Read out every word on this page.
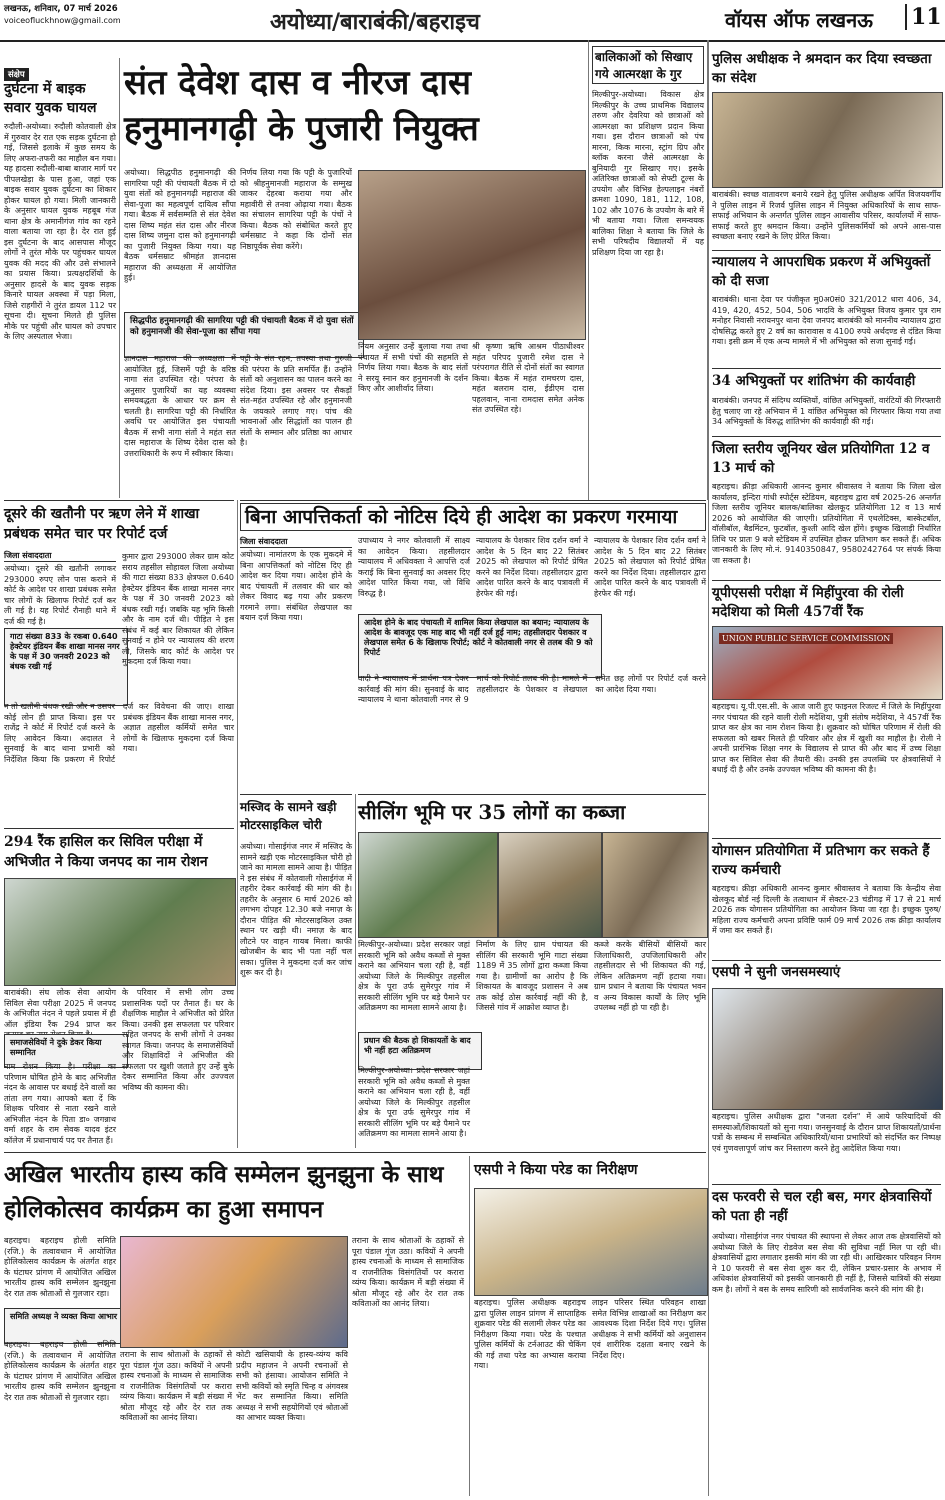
लखनऊ, शनिवार, 07 मार्च 2026
voiceofluckhnow@gmail.com	अयोध्या/बाराबंकी/बहराइच	वॉयस ऑफ लखनऊ 11
संक्षेप
दुर्घटना में बाइक सवार युवक घायल
रुदौली-अयोध्या। रुदौली कोतवाली क्षेत्र में गुरुवार देर रात एक सड़क दुर्घटना हो गई, जिससे इलाके में कुछ समय के लिए अफरा-तफरी का माहौल बन गया। यह हादसा रुदौली-बाबा बाजार मार्ग पर पीपलखेड़ा के पास हुआ, जहां एक बाइक सवार युवक दुर्घटना का शिकार होकर घायल हो गया। मिली जानकारी के अनुसार घायल युवक महबूब गंज थाना क्षेत्र के अमानीगंज गांव का रहने वाला बताया जा रहा है। देर रात हुई इस दुर्घटना के बाद आसपास मौजूद लोगों ने तुरंत मौके पर पहुंचकर घायल युवक की मदद की और उसे संभालने का प्रयास किया। प्रत्यक्षदर्शियों के अनुसार हादसे के बाद युवक सड़क किनारे घायल अवस्था में पड़ा मिला, जिसे राहगीरों ने तुरंत डायल 112 पर सूचना दी। सूचना मिलते ही पुलिस मौके पर पहुंची और घायल को उपचार के लिए अस्पताल भेजा।
संत देवेश दास व नीरज दास हनुमानगढ़ी के पुजारी नियुक्त
अयोध्या। सिद्धपीठ हनुमानगढ़ी की सागरिया पट्टी की पंचायती बैठक में दो युवा संतों को हनुमानगढ़ी महाराज की सेवा-पूजा का महत्वपूर्ण दायित्व सौंपा गया। बैठक में सर्वसम्मति से संत देवेश दास शिष्य महंत संत दास और नीरज दास शिष्य जमुना दास को हनुमानगढ़ी का पुजारी नियुक्त किया गया। यह बैठक धर्मसम्राट श्रीमहंत ज्ञानदास महाराज की अध्यक्षता में आयोजित हुई।
निर्णय लिया गया कि पट्टी के पुजारियों को श्रीहनुमानजी महाराज के सम्मुख जाकर देहरबा कराया गया और महावीरी से तनवा ओढ़ाया गया। बैठक का संचालन सागरिया पट्टी के पंचों ने किया। बैठक को संबोधित करते हुए धर्मसम्राट ने कहा कि दोनों संत निष्ठापूर्वक सेवा करेंगे।
सिद्धपीठ हनुमानगढ़ी की सागरिया पट्टी की पंचायती बैठक में दो युवा संतों को हनुमानजी की सेवा-पूजा का सौंपा गया
ज्ञानदास महाराज की अध्यक्षता में आयोजित हुई, जिसमें पट्टी के वरिष्ठ नागा संत उपस्थित रहे। परंपरा के अनुसार पुजारियों का यह व्यवस्था समयबद्धता के आधार पर क्रम से चलती है। सागरिया पट्टी की निर्धारित अवधि पर आयोजित इस पंचायती बैठक में सभी नागा संतों ने महंत सत दास महाराज के शिष्य देवेश दास को उत्तराधिकारी के रूप में स्वीकार किया।
पट्टी के संत रहन, तपस्या तथा गुरुजी की परंपरा के प्रति समर्पित हैं। उन्होंने संतों को अनुशासन का पालन करने का संदेश दिया। इस अवसर पर सैकड़ों संत-महंत उपस्थित रहे और हनुमानजी के जयकारे लगाए गए। पांच की भावनाओं और सिद्धांतों का पालन ही संतों के सम्मान और प्रतिष्ठा का आधार है।
नियम अनुसार उन्हें बुलाया गया तथा पंचायत में सभी पंचों की सहमति से निर्णय लिया गया। बैठक के बाद संतों ने सरयू स्नान कर हनुमानजी के दर्शन किए और आशीर्वाद लिया।
श्री कृष्णा ऋषि आश्रम पीठाधीश्वर महंत परिपद पुजारी रमेश दास ने परंपरागत रीति से दोनों संतों का स्वागत किया। बैठक में महंत रामचरण दास, महंत बलराम दास, ईडीएम दास पहलवान, नाना रामदास समेत अनेक संत उपस्थित रहे।
बालिकाओं को सिखाए गये आत्मरक्षा के गुर
मिल्कीपुर-अयोध्या। विकास क्षेत्र मिल्कीपुर के उच्च प्राथमिक विद्यालय तरुण और देवरिया को छात्राओं को आत्मरक्षा का प्रशिक्षण प्रदान किया गया। इस दौरान छात्राओं को पंच मारना, किक मारना, स्ट्रांग ग्रिप और ब्लॉक करना जैसे आत्मरक्षा के बुनियादी गुर सिखाए गए। इसके अतिरिक्त छात्राओं को सेफ्टी टूल्स के उपयोग और विभिन्न हेल्पलाइन नंबरों क्रमशः 1090, 181, 112, 108, 102 और 1076 के उपयोग के बारे में भी बताया गया। जिला समन्वयक बालिका शिक्षा ने बताया कि जिले के सभी परिषदीय विद्यालयों में यह प्रशिक्षण दिया जा रहा है।
पुलिस अधीक्षक ने श्रमदान कर दिया स्वच्छता का संदेश
बाराबंकी। स्वच्छ वातावरण बनाये रखने हेतु पुलिस अधीक्षक अर्पित विजयवर्गीय ने पुलिस लाइन में रिजर्व पुलिस लाइन में नियुक्त अधिकारियों के साथ साफ-सफाई अभियान के अन्तर्गत पुलिस लाइन आवासीय परिसर, कार्यालयों में साफ-सफाई करते हुए श्रमदान किया। उन्होंने पुलिसकर्मियों को अपने आस-पास स्वच्छता बनाए रखने के लिए प्रेरित किया।
न्यायालय ने आपराधिक प्रकरण में अभियुक्तों को दी सजा
बाराबंकी। थाना देवा पर पंजीकृत मु0अ0सं0 321/2012 धारा 406, 34, 419, 420, 452, 504, 506 भादवि के अभियुक्त विजय कुमार पुत्र राम मनोहर निवासी नरायनपुर थाना देवा जनपद बाराबंकी को माननीय न्यायालय द्वारा दोषसिद्ध करते हुए 2 वर्ष का कारावास व 4100 रुपये अर्थदण्ड से दंडित किया गया। इसी क्रम में एक अन्य मामले में भी अभियुक्त को सजा सुनाई गई।
34 अभियुक्तों पर शांतिभंग की कार्यवाही
बाराबंकी। जनपद में संदिग्ध व्यक्तियों, वांछित अभियुक्तों, वारंटियों की गिरफ्तारी हेतु चलाए जा रहे अभियान में 1 वांछित अभियुक्त को गिरफ्तार किया गया तथा 34 अभियुक्तों के विरुद्ध शांतिभंग की कार्यवाही की गई।
जिला स्तरीय जूनियर खेल प्रतियोगिता 12 व 13 मार्च को
बहराइच। क्रीड़ा अधिकारी आनन्द कुमार श्रीवास्तव ने बताया कि जिला खेल कार्यालय, इन्दिरा गांधी स्पोर्ट्स स्टेडियम, बहराइच द्वारा वर्ष 2025-26 अन्तर्गत जिला स्तरीय जूनियर बालक/बालिका खेलकूद प्रतियोगिता 12 व 13 मार्च 2026 को आयोजित की जाएगी। प्रतियोगिता में एथलेटिक्स, बास्केटबॉल, वॉलीबॉल, बैडमिंटन, फुटबॉल, कुश्ती आदि खेल होंगे। इच्छुक खिलाड़ी निर्धारित तिथि पर प्रातः 9 बजे स्टेडियम में उपस्थित होकर प्रतिभाग कर सकते हैं। अधिक जानकारी के लिए मो.नं. 9140350847, 9580242764 पर संपर्क किया जा सकता है।
यूपीएससी परीक्षा में मिहींपुरवा की रोली मदेशिया को मिली 457वीं रैंक
UNION PUBLIC SERVICE COMMISSION
बहराइच। यू.पी.एस.सी. के आज जारी हुए फाइनल रिजल्ट में जिले के मिहींपुरवा नगर पंचायत की रहने वाली रोली मदेशिया, पुत्री संतोष मदेशिया, ने 457वीं रैंक प्राप्त कर क्षेत्र का नाम रोशन किया है। शुक्रवार को घोषित परिणाम में रोली की सफलता को खबर मिलते ही परिवार और क्षेत्र में खुशी का माहौल है। रोली ने अपनी प्रारंभिक शिक्षा नगर के विद्यालय से प्राप्त की और बाद में उच्च शिक्षा प्राप्त कर सिविल सेवा की तैयारी की। उनकी इस उपलब्धि पर क्षेत्रवासियों ने बधाई दी है और उनके उज्ज्वल भविष्य की कामना की है।
योगासन प्रतियोगिता में प्रतिभाग कर सकते हैं राज्य कर्मचारी
बहराइच। क्रीड़ा अधिकारी आनन्द कुमार श्रीवास्तव ने बताया कि केन्द्रीय सेवा खेलकूद बोर्ड नई दिल्ली के तत्वाधान में सेक्टर-23 चंडीगढ़ में 17 से 21 मार्च 2026 तक योगासन प्रतियोगिता का आयोजन किया जा रहा है। इच्छुक पुरुष/महिला राज्य कर्मचारी अपना प्रविष्टि फार्म 09 मार्च 2026 तक क्रीड़ा कार्यालय में जमा कर सकते हैं।
एसपी ने सुनी जनसमस्याएं
बहराइच। पुलिस अधीक्षक द्वारा "जनता दर्शन" में आये फरियादियों की समस्याओं/शिकायतों को सुना गया। जनसुनवाई के दौरान प्राप्त शिकायतों/प्रार्थना पत्रों के सम्बन्ध में सम्बन्धित अधिकारियों/थाना प्रभारियों को संदर्भित कर निष्पक्ष एवं गुणवत्तापूर्ण जांच कर निस्तारण करने हेतु आदेशित किया गया।
दस फरवरी से चल रही बस, मगर क्षेत्रवासियों को पता ही नहीं
अयोध्या। गोसाईगंज नगर पंचायत की स्थापना से लेकर आज तक क्षेत्रवासियों को अयोध्या जिले के लिए रोडवेज बस सेवा की सुविधा नहीं मिल पा रही थी। क्षेत्रवासियों द्वारा लगातार इसकी मांग की जा रही थी। आखिरकार परिवहन निगम ने 10 फरवरी से बस सेवा शुरू कर दी, लेकिन प्रचार-प्रसार के अभाव में अधिकांश क्षेत्रवासियों को इसकी जानकारी ही नहीं है, जिससे यात्रियों की संख्या कम है। लोगों ने बस के समय सारिणी को सार्वजनिक करने की मांग की है।
दूसरे की खतौनी पर ऋण लेने में शाखा प्रबंधक समेत चार पर रिपोर्ट दर्ज
जिला संवाददाता
अयोध्या। दूसरे की खतौनी लगाकर 293000 रुपए लोन पास कराने में कोर्ट के आदेश पर शाखा प्रबंधक समेत चार लोगों के खिलाफ रिपोर्ट दर्ज कर ली गई है। यह रिपोर्ट रौनाही थाने में दर्ज की गई है।
गाटा संख्या 833 के रकबा 0.640 हेक्टेयर इंडियन बैंक शाखा मानस नगर के पक्ष में 30 जनवरी 2023 को बंधक रखी गई
कुमार द्वारा 293000 लेकर ग्राम कोट सराय तहसील सोहावल जिला अयोध्या की गाटा संख्या 833 क्षेत्रफल 0.640 हेक्टेयर इंडियन बैंक शाखा मानस नगर के पक्ष में 30 जनवरी 2023 को बंधक रखी गई। जबकि यह भूमि किसी और के नाम दर्ज थी। पीड़ित ने इस संबंध में कई बार शिकायत की लेकिन सुनवाई न होने पर न्यायालय की शरण ली, जिसके बाद कोर्ट के आदेश पर मुकदमा दर्ज किया गया।
न तो खतौनी बंधक रखी और न उसपर कोई लोन ही प्राप्त किया। इस पर राजेंद्र ने कोर्ट में रिपोर्ट दर्ज करने के लिए आवेदन किया। अदालत ने सुनवाई के बाद थाना प्रभारी को निर्देशित किया कि प्रकरण में रिपोर्ट दर्ज कर विवेचना की जाए। शाखा प्रबंधक इंडियन बैंक शाखा मानस नगर, अज्ञात तहसील कर्मियों समेत चार लोगों के खिलाफ मुकदमा दर्ज किया गया।
294 रैंक हासिल कर सिविल परीक्षा में अभिजीत ने किया जनपद का नाम रोशन
बाराबंकी। संघ लोक सेवा आयोग सिविल सेवा परीक्षा 2025 में जनपद के अभिजीत नंदन ने पहले प्रयास में ही ऑल इंडिया रैंक 294 प्राप्त कर
समाजसेवियों ने दुके डेकर किया सम्मानित
नाम रोशन किया है। परीक्षा का परिणाम घोषित होने के बाद अभिजीत नंदन के आवास पर बधाई देने वालों का तांता लग गया। आपको बता दें कि शिक्षक परिवार से नाता रखने वाले अभिजीत नंदन के पिता डा० जगन्नाथ वर्मा शहर के राम सेवक यादव इंटर कॉलेज में प्रधानाचार्य पद पर तैनात हैं।
के परिवार में सभी लोग उच्च प्रशासनिक पदों पर तैनात हैं। घर के शैक्षणिक माहौल ने अभिजीत को प्रेरित किया। उनकी इस सफलता पर परिवार सहित जनपद के सभी लोगों ने उनका स्वागत किया। जनपद के समाजसेवियों और शिक्षाविदों ने अभिजीत की सफलता पर खुशी जताते हुए उन्हें बुके देकर सम्मानित किया और उज्ज्वल भविष्य की कामना की।
बिना आपत्तिकर्ता को नोटिस दिये ही आदेश का प्रकरण गरमाया
जिला संवाददाता
अयोध्या। नामांतरण के एक मुकदमे में बिना आपत्तिकर्ता को नोटिस दिए ही आदेश कर दिया गया। आदेश होने के बाद पंचायती में तलवार की धार को लेकर विवाद बढ़ गया और प्रकरण गरमाने लगा। संबंधित लेखपाल का बयान दर्ज किया गया।
उपाध्याय ने नगर कोतवाली में साक्ष्य का आवेदन किया। तहसीलदार न्यायालय में अधिवक्ता ने आपत्ति दर्ज कराई कि बिना सुनवाई का अवसर दिए आदेश पारित किया गया, जो विधि विरुद्ध है।
आदेश होने के बाद पंचायती में शामिल किया लेखपाल का बयान; न्यायालय के आदेश के बावजूद एक माह बाद भी नहीं दर्ज हुई नाम; तहसीलदार पेशकार व लेखपाल समेत 6 के खिलाफ रिपोर्ट; कोर्ट ने कोतवाली नगर से तलब की 9 को रिपोर्ट
न्यायालय के पेशकार शिव दर्शन वर्मा ने आदेश के 5 दिन बाद 22 सितंबर 2025 को लेखपाल को रिपोर्ट प्रेषित करने का निर्देश दिया। तहसीलदार द्वारा आदेश पारित करने के बाद पत्रावली में हेरफेर की गई।
वादी ने न्यायालय में प्रार्थना पत्र देकर कार्रवाई की मांग की। सुनवाई के बाद न्यायालय ने थाना कोतवाली नगर से 9 मार्च को रिपोर्ट तलब की है। मामले में तहसीलदार के पेशकार व लेखपाल समेत छह लोगों पर रिपोर्ट दर्ज करने का आदेश दिया गया।
न्यायालय के पेशकार शिव दर्शन वर्मा ने आदेश के 5 दिन बाद 22 सितंबर 2025 को लेखपाल को रिपोर्ट प्रेषित करने का निर्देश दिया। तहसीलदार द्वारा आदेश पारित करने के बाद पत्रावली में हेरफेर की गई।
मस्जिद के सामने खड़ी मोटरसाइकिल चोरी
अयोध्या। गोसाईगंज नगर में मस्जिद के सामने खड़ी एक मोटरसाइकिल चोरी हो जाने का मामला सामने आया है। पीड़ित ने इस संबंध में कोतवाली गोसाईगंज में तहरीर देकर कार्रवाई की मांग की है। तहरीर के अनुसार 6 मार्च 2026 को लगभग दोपहर 12.30 बजे नमाज़ के दौरान पीड़ित की मोटरसाइकिल उक्त स्थान पर खड़ी थी। नमाज़ के बाद लौटने पर वाहन गायब मिला। काफी खोजबीन के बाद भी पता नहीं चल सका। पुलिस ने मुकदमा दर्ज कर जांच शुरू कर दी है।
सीलिंग भूमि पर 35 लोगों का कब्जा
मिल्कीपुर-अयोध्या। प्रदेश सरकार जहां सरकारी भूमि को अवैध कब्जों से मुक्त कराने का अभियान चला रही है, वहीं अयोध्या जिले के मिल्कीपुर तहसील क्षेत्र के पूरा उर्फ सुमेरपुर गांव में सरकारी सीलिंग भूमि पर बड़े पैमाने पर अतिक्रमण का मामला सामने आया है।
प्रधान की बैठक हो शिकायतों के बाद भी नहीं हटा अतिक्रमण
निर्माण के लिए ग्राम पंचायत की सीलिंग की सरकारी भूमि गाटा संख्या 1189 में 35 लोगों द्वारा कब्जा किया गया है। ग्रामीणों का आरोप है कि शिकायत के बावजूद प्रशासन ने अब तक कोई ठोस कार्रवाई नहीं की है, जिससे गांव में आक्रोश व्याप्त है।
कब्जे करके बीसियों बीसियों कार जिलाधिकारी, उपजिलाधिकारी और तहसीलदार से भी शिकायत की गई, लेकिन अतिक्रमण नहीं हटाया गया। ग्राम प्रधान ने बताया कि पंचायत भवन व अन्य विकास कार्यों के लिए भूमि उपलब्ध नहीं हो पा रही है।
मिल्कीपुर-अयोध्या। प्रदेश सरकार जहां सरकारी भूमि को अवैध कब्जों से मुक्त कराने का अभियान चला रही है, वहीं अयोध्या जिले के मिल्कीपुर तहसील क्षेत्र के पूरा उर्फ सुमेरपुर गांव में सरकारी सीलिंग भूमि पर बड़े पैमाने पर अतिक्रमण का मामला सामने आया है।
अखिल भारतीय हास्य कवि सम्मेलन झुनझुना के साथ होलिकोत्सव कार्यक्रम का हुआ समापन
बहराइच। बहराइच होली समिति (रजि.) के तत्वावधान में आयोजित होलिकोत्सव कार्यक्रम के अंतर्गत शहर के घंटाघर प्रांगण में आयोजित अखिल भारतीय हास्य कवि सम्मेलन झुनझुना देर रात तक श्रोताओं से गुलजार रहा।
समिति अध्यक्ष ने व्यक्त किया आभार
बहराइच। बहराइच होली समिति (रजि.) के तत्वावधान में आयोजित होलिकोत्सव कार्यक्रम के अंतर्गत शहर के घंटाघर प्रांगण में आयोजित अखिल भारतीय हास्य कवि सम्मेलन झुनझुना देर रात तक श्रोताओं से गुलजार रहा।
तराना के साथ श्रोताओं के ठहाकों से पूरा पंडाल गूंज उठा। कवियों ने अपनी हास्य रचनाओं के माध्यम से सामाजिक व राजनीतिक विसंगतियों पर करारा व्यंग्य किया। कार्यक्रम में बड़ी संख्या में श्रोता मौजूद रहे और देर रात तक कविताओं का आनंद लिया।
कोटी खसियायी के हास्य-व्यंग्य कवि प्रदीप महाजन ने अपनी रचनाओं से सभी को हंसाया। आयोजन समिति ने सभी कवियों को स्मृति चिन्ह व अंगवस्त्र भेंट कर सम्मानित किया। समिति अध्यक्ष ने सभी सहयोगियों एवं श्रोताओं का आभार व्यक्त किया।
तराना के साथ श्रोताओं के ठहाकों से पूरा पंडाल गूंज उठा। कवियों ने अपनी हास्य रचनाओं के माध्यम से सामाजिक व राजनीतिक विसंगतियों पर करारा व्यंग्य किया। कार्यक्रम में बड़ी संख्या में श्रोता मौजूद रहे और देर रात तक कविताओं का आनंद लिया।
एसपी ने किया परेड का निरीक्षण
बहराइच। पुलिस अधीक्षक बहराइच द्वारा पुलिस लाइन प्रांगण में साप्ताहिक शुक्रवार परेड की सलामी लेकर परेड का निरीक्षण किया गया। परेड के पश्चात पुलिस कर्मियों के टर्नआउट की चेकिंग की गई तथा परेड का अभ्यास कराया गया।
लाइन परिसर स्थित परिवहन शाखा समेत विभिन्न शाखाओं का निरीक्षण कर आवश्यक दिशा निर्देश दिये गए। पुलिस अधीक्षक ने सभी कर्मियों को अनुशासन एवं शारीरिक दक्षता बनाए रखने के निर्देश दिए।
